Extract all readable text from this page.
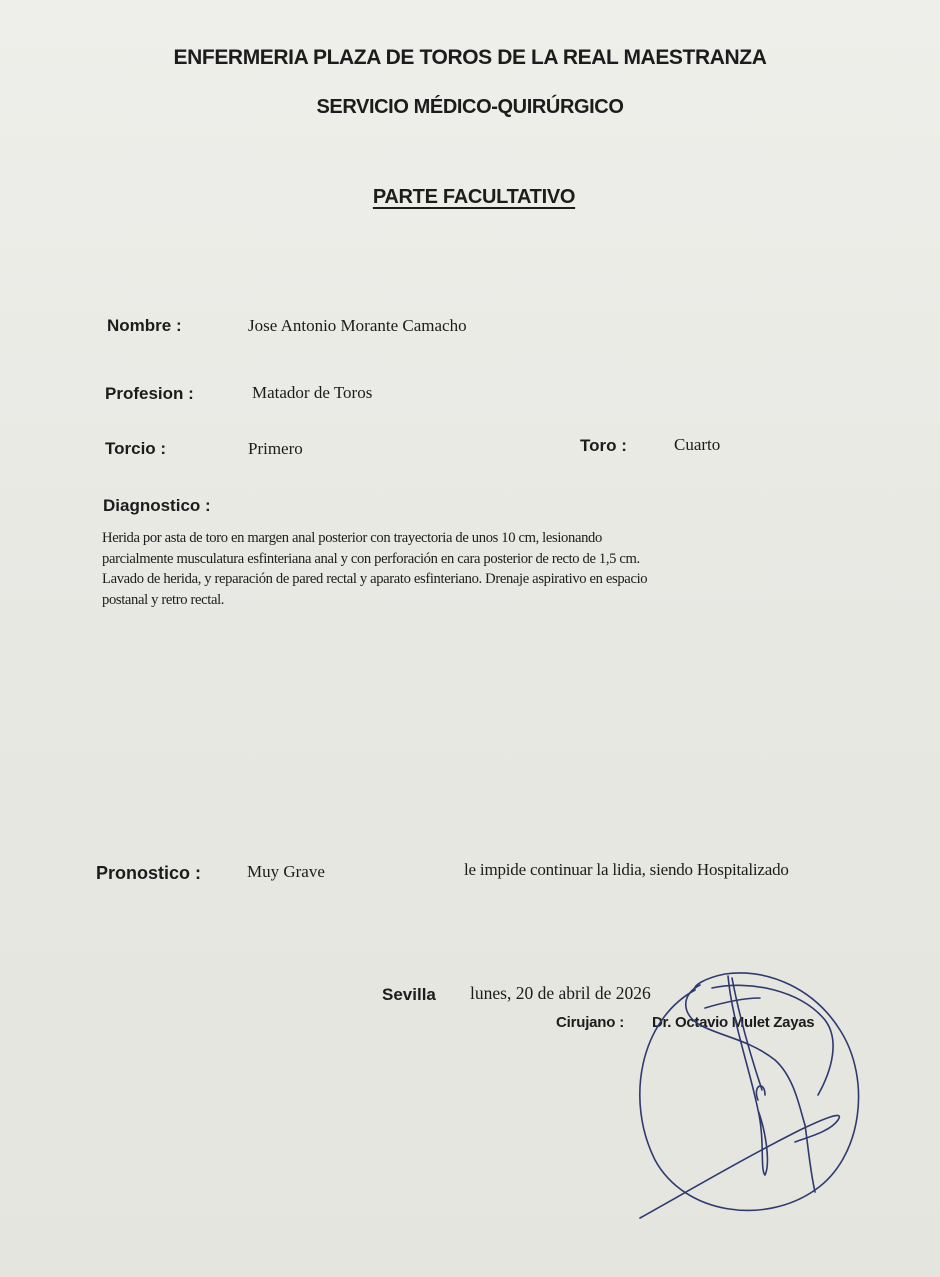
ENFERMERIA PLAZA DE TOROS DE LA REAL MAESTRANZA
SERVICIO MÉDICO-QUIRÚRGICO
PARTE FACULTATIVO
Nombre :	Jose Antonio Morante Camacho
Profesion :	Matador de Toros
Torcio :	Primero	Toro :	Cuarto
Diagnostico :
Herida por asta de toro en margen anal posterior con trayectoria de unos 10 cm, lesionando
parcialmente musculatura esfinteriana anal y con perforación en cara posterior de recto de 1,5 cm.
Lavado de herida, y reparación de pared rectal y aparato esfinteriano. Drenaje aspirativo en espacio
postanal y retro rectal.
Pronostico :	Muy Grave	le impide continuar la lidia, siendo Hospitalizado
Sevilla lunes, 20 de abril de 2026
Cirujano : Dr. Octavio Mulet Zayas
